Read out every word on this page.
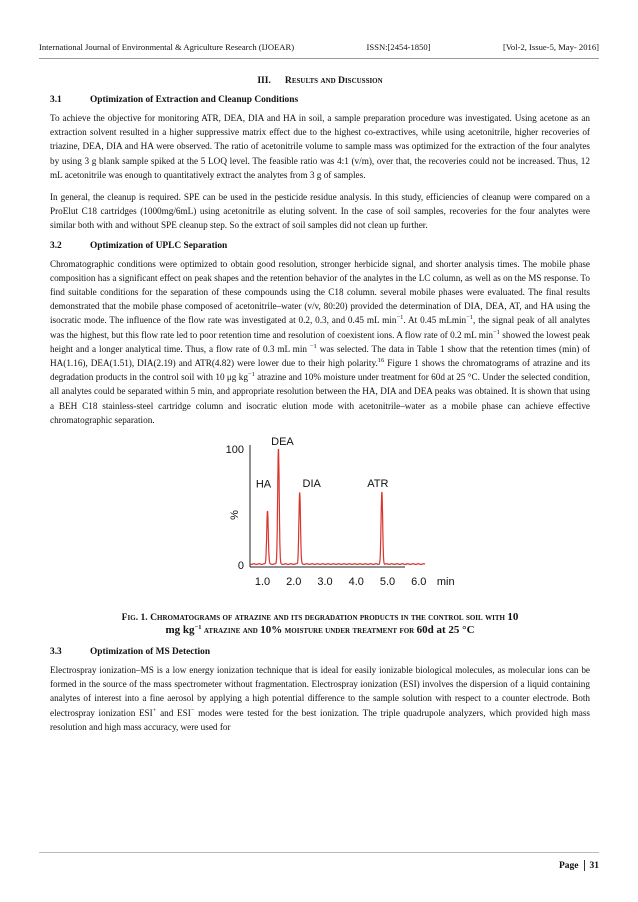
International Journal of Environmental & Agriculture Research (IJOEAR)	ISSN:[2454-1850]	[Vol-2, Issue-5, May- 2016]
III. Results and Discussion
3.1	Optimization of Extraction and Cleanup Conditions

To achieve the objective for monitoring ATR, DEA, DIA and HA in soil, a sample preparation procedure was investigated. Using acetone as an extraction solvent resulted in a higher suppressive matrix effect due to the highest co-extractives, while using acetonitrile, higher recoveries of triazine, DEA, DIA and HA were observed. The ratio of acetonitrile volume to sample mass was optimized for the extraction of the four analytes by using 3 g blank sample spiked at the 5 LOQ level. The feasible ratio was 4:1 (v/m), over that, the recoveries could not be increased. Thus, 12 mL acetonitrile was enough to quantitatively extract the analytes from 3 g of samples.

In general, the cleanup is required. SPE can be used in the pesticide residue analysis. In this study, efficiencies of cleanup were compared on a ProElut C18 cartridges (1000mg/6mL) using acetonitrile as eluting solvent. In the case of soil samples, recoveries for the four analytes were similar both with and without SPE cleanup step. So the extract of soil samples did not clean up further.

3.2	Optimization of UPLC Separation

Chromatographic conditions were optimized to obtain good resolution, stronger herbicide signal, and shorter analysis times. The mobile phase composition has a significant effect on peak shapes and the retention behavior of the analytes in the LC column, as well as on the MS response. To find suitable conditions for the separation of these compounds using the C18 column. several mobile phases were evaluated. The final results demonstrated that the mobile phase composed of acetonitrile–water (v/v, 80:20) provided the determination of DIA, DEA, AT, and HA using the isocratic mode. The influence of the flow rate was investigated at 0.2, 0.3, and 0.45 mL $\min^{-1}$. At 0.45 mLmin$^{-1}$, the signal peak of all analytes was the highest, but this flow rate led to poor retention time and resolution of coexistent ions. A flow rate of 0.2 mL $\min^{-1}$ showed the lowest peak height and a longer analytical time. Thus, a flow rate of 0.3 mL min $^{-1}$ was selected. The data in Table 1 show that the retention times (min) of HA(1.16), DEA(1.51), DIA(2.19) and ATR(4.82) were lower due to their high polarity.$^{16}$ Figure 1 shows the chromatograms of atrazine and its degradation products in the control soil with 10 μg $kg^{-1}$ atrazine and 10% moisture under treatment for 60d at 25 °C. Under the selected condition, all analytes could be separated within 5 min, and appropriate resolution between the HA, DIA and DEA peaks was obtained. It is shown that using a BEH C18 stainless-steel cartridge column and isocratic elution mode with acetonitrile–water as a mobile phase can achieve effective chromatographic separation.

100
0
%
1.0 2.0 3.0 4.0 5.0 6.0 min
HA
DEA
DIA	ATR
Fig. 1. Chromatograms of atrazine and its degradation products in the control soil with 10
mg $kg^{-1}$ atrazine and 10% moisture under treatment for 60d at 25 °C
3.3	Optimization of MS Detection

Electrospray ionization–MS is a low energy ionization technique that is ideal for easily ionizable biological molecules, as molecular ions can be formed in the source of the mass spectrometer without fragmentation. Electrospray ionization (ESI) involves the dispersion of a liquid containing analytes of interest into a fine aerosol by applying a high potential difference to the sample solution with respect to a counter electrode. Both electrospray ionization ESI+ and ESI− modes were tested for the best ionization. The triple quadrupole analyzers, which provided high mass resolution and high mass accuracy, were used for

Page 31
